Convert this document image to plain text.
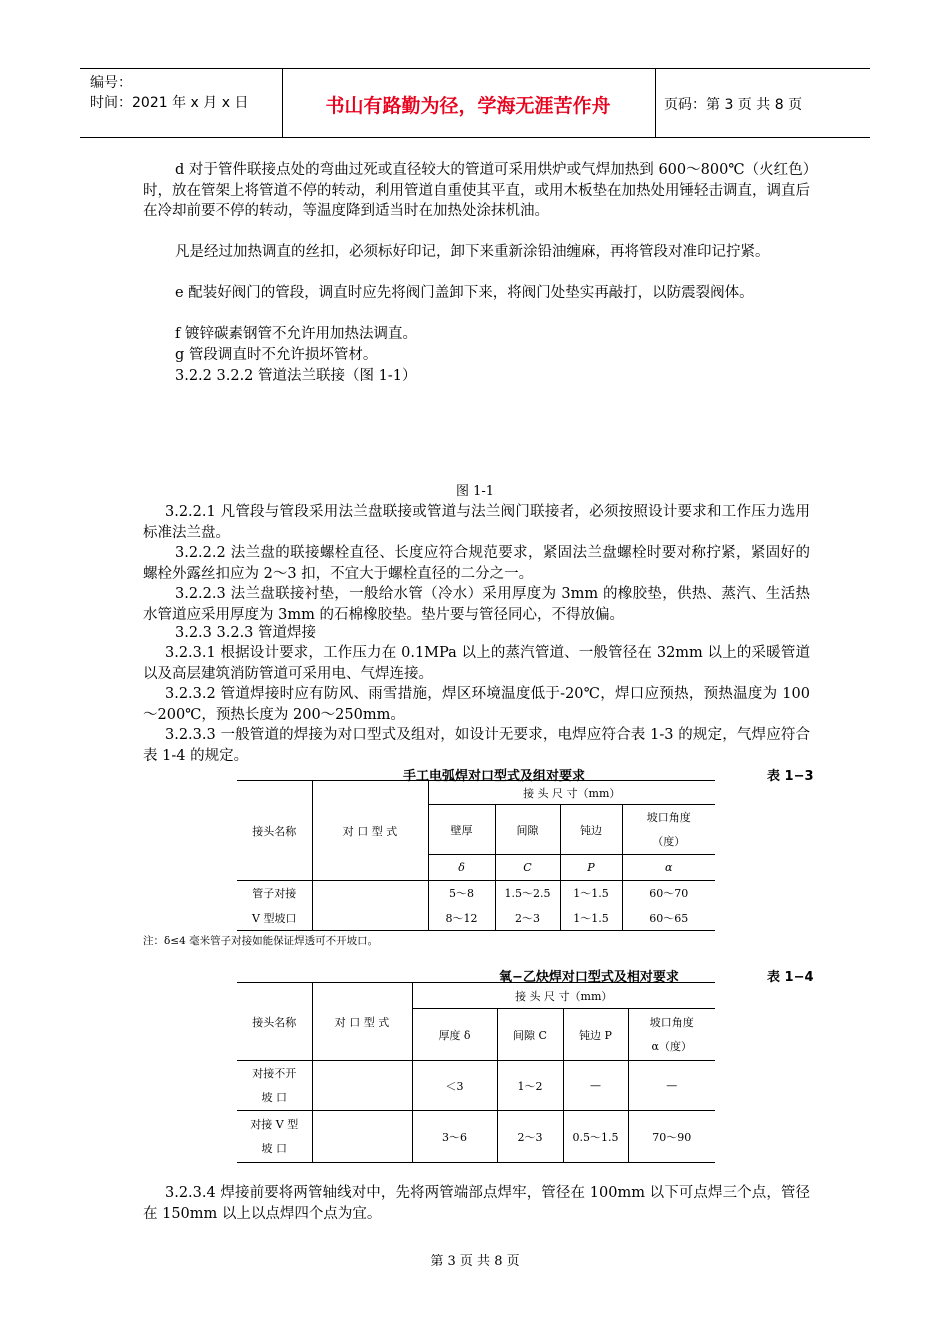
编号：
时间：2021 年 x 月 x 日	书山有路勤为径，学海无涯苦作舟	页码：第 3 页 共 8 页

d 对于管件联接点处的弯曲过死或直径较大的管道可采用烘炉或气焊加热到 600～800℃（火红色）时，放在管架上将管道不停的转动，利用管道自重使其平直，或用木板垫在加热处用锤轻击调直，调直后在冷却前要不停的转动，等温度降到适当时在加热处涂抹机油。

凡是经过加热调直的丝扣，必须标好印记，卸下来重新涂铅油缠麻，再将管段对准印记拧紧。

e 配装好阀门的管段，调直时应先将阀门盖卸下来，将阀门处垫实再敲打，以防震裂阀体。

f 镀锌碳素钢管不允许用加热法调直。
g 管段调直时不允许损坏管材。
3.2.2 3.2.2 管道法兰联接（图 1-1）
图 1-1

3.2.2.1 凡管段与管段采用法兰盘联接或管道与法兰阀门联接者，必须按照设计要求和工作压力选用标准法兰盘。

3.2.2.2 法兰盘的联接螺栓直径、长度应符合规范要求，紧固法兰盘螺栓时要对称拧紧，紧固好的螺栓外露丝扣应为 2～3 扣，不宜大于螺栓直径的二分之一。

3.2.2.3 法兰盘联接衬垫，一般给水管（冷水）采用厚度为 3mm 的橡胶垫，供热、蒸汽、生活热水管道应采用厚度为 3mm 的石棉橡胶垫。垫片要与管径同心，不得放偏。

3.2.3 3.2.3 管道焊接

3.2.3.1 根据设计要求，工作压力在 0.1MPa 以上的蒸汽管道、一般管径在 32mm 以上的采暖管道以及高层建筑消防管道可采用电、气焊连接。

3.2.3.2 管道焊接时应有防风、雨雪措施，焊区环境温度低于-20℃，焊口应预热，预热温度为 100～200℃，预热长度为 200～250mm。

3.2.3.3 一般管道的焊接为对口型式及组对，如设计无要求，电焊应符合表 1-3 的规定，气焊应符合表 1-4 的规定。

手工电弧焊对口型式及组对要求	表 1−3
接头名称	对 口 型 式	接 头 尺 寸（mm）			
		壁厚	间隙	钝边	坡口角度
（度）

		δ	C	P	α
管子对接		5～8	1.5～2.5	1～1.5	60～70
V 型坡口		8～12	2～3	1～1.5	60～65
注：δ≤4 毫米管子对接如能保证焊透可不开坡口。
氧−乙炔焊对口型式及相对要求	表 1−4
接头名称	对 口 型 式	接 头 尺 寸（mm）			
		厚度 δ	间隙 C	钝边 P	坡口角度
α（度）

对接不开
坡 口		＜3	1～2	—	—

对接 V 型
坡 口		3～6	2～3	0.5～1.5	70～90

3.2.3.4 焊接前要将两管轴线对中，先将两管端部点焊牢，管径在 100mm 以下可点焊三个点，管径在 150mm 以上以点焊四个点为宜。

第 3 页 共 8 页
